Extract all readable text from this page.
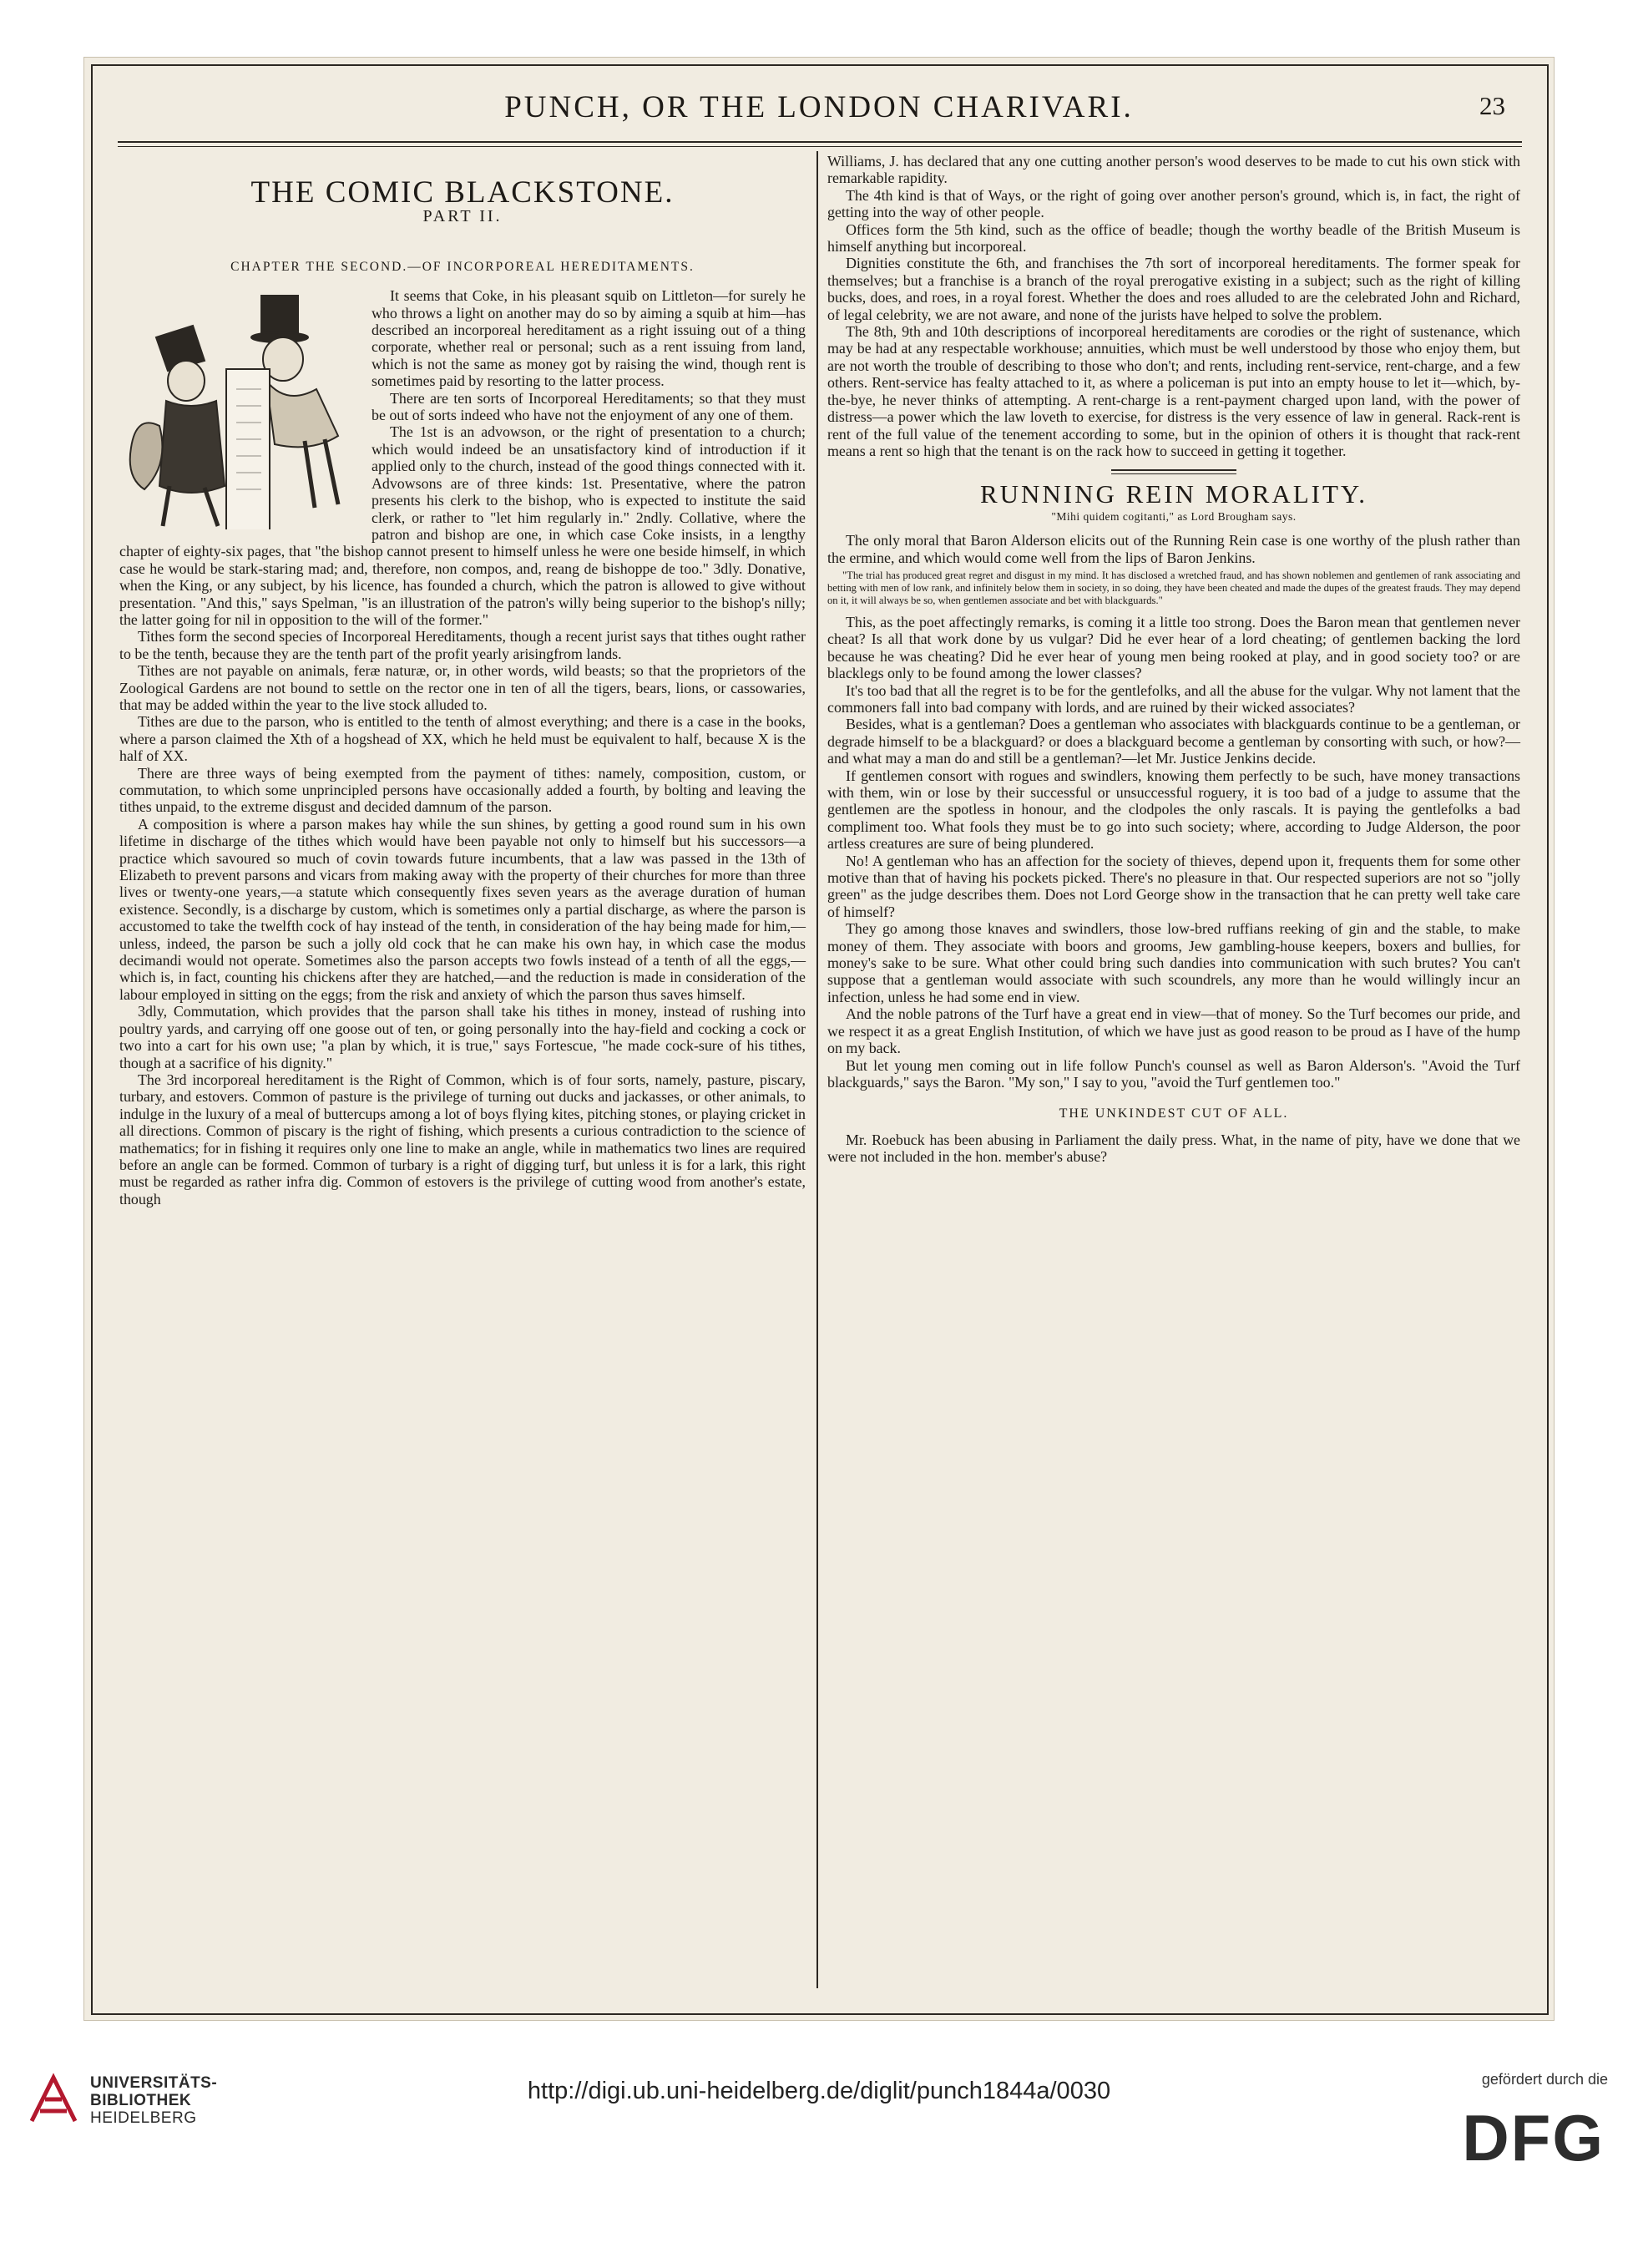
PUNCH, OR THE LONDON CHARIVARI.	23
THE COMIC BLACKSTONE.
PART II.
CHAPTER THE SECOND.—OF INCORPOREAL HEREDITAMENTS.

It seems that Coke, in his pleasant squib on Littleton—for surely he who throws a light on another may do so by aiming a squib at him—has described an incorporeal hereditament as a right issuing out of a thing corporate, whether real or personal; such as a rent issuing from land, which is not the same as money got by raising the wind, though rent is sometimes paid by resorting to the latter process.

There are ten sorts of Incorporeal Hereditaments; so that they must be out of sorts indeed who have not the enjoyment of any one of them.

The 1st is an advowson, or the right of presentation to a church; which would indeed be an unsatisfactory kind of introduction if it applied only to the church, instead of the good things connected with it. Advowsons are of three kinds: 1st. Presentative, where the patron presents his clerk to the bishop, who is expected to institute the said clerk, or rather to "let him regularly in." 2ndly. Collative, where the patron and bishop are one, in which case Coke insists, in a lengthy chapter of eighty-six pages, that "the bishop cannot present to himself unless he were one beside himself, in which case he would be stark-staring mad; and, therefore, non compos, and, reang de bishoppe de too." 3dly. Donative, when the King, or any subject, by his licence, has founded a church, which the patron is allowed to give without presentation. "And this," says Spelman, "is an illustration of the patron's willy being superior to the bishop's nilly; the latter going for nil in opposition to the will of the former."

Tithes form the second species of Incorporeal Hereditaments, though a recent jurist says that tithes ought rather to be the tenth, because they are the tenth part of the profit yearly arisingfrom lands.

Tithes are not payable on animals, feræ naturæ, or, in other words, wild beasts; so that the proprietors of the Zoological Gardens are not bound to settle on the rector one in ten of all the tigers, bears, lions, or cassowaries, that may be added within the year to the live stock alluded to.

Tithes are due to the parson, who is entitled to the tenth of almost everything; and there is a case in the books, where a parson claimed the Xth of a hogshead of XX, which he held must be equivalent to half, because X is the half of XX.

There are three ways of being exempted from the payment of tithes: namely, composition, custom, or commutation, to which some unprincipled persons have occasionally added a fourth, by bolting and leaving the tithes unpaid, to the extreme disgust and decided damnum of the parson.

A composition is where a parson makes hay while the sun shines, by getting a good round sum in his own lifetime in discharge of the tithes which would have been payable not only to himself but his successors—a practice which savoured so much of covin towards future incumbents, that a law was passed in the 13th of Elizabeth to prevent parsons and vicars from making away with the property of their churches for more than three lives or twenty-one years,—a statute which consequently fixes seven years as the average duration of human existence. Secondly, is a discharge by custom, which is sometimes only a partial discharge, as where the parson is accustomed to take the twelfth cock of hay instead of the tenth, in consideration of the hay being made for him,—unless, indeed, the parson be such a jolly old cock that he can make his own hay, in which case the modus decimandi would not operate. Sometimes also the parson accepts two fowls instead of a tenth of all the eggs,—which is, in fact, counting his chickens after they are hatched,—and the reduction is made in consideration of the labour employed in sitting on the eggs; from the risk and anxiety of which the parson thus saves himself.

3dly, Commutation, which provides that the parson shall take his tithes in money, instead of rushing into poultry yards, and carrying off one goose out of ten, or going personally into the hay-field and cocking a cock or two into a cart for his own use; "a plan by which, it is true," says Fortescue, "he made cock-sure of his tithes, though at a sacrifice of his dignity."

The 3rd incorporeal hereditament is the Right of Common, which is of four sorts, namely, pasture, piscary, turbary, and estovers. Common of pasture is the privilege of turning out ducks and jackasses, or other animals, to indulge in the luxury of a meal of buttercups among a lot of boys flying kites, pitching stones, or playing cricket in all directions. Common of piscary is the right of fishing, which presents a curious contradiction to the science of mathematics; for in fishing it requires only one line to make an angle, while in mathematics two lines are required before an angle can be formed. Common of turbary is a right of digging turf, but unless it is for a lark, this right must be regarded as rather infra dig. Common of estovers is the privilege of cutting wood from another's estate, though

Williams, J. has declared that any one cutting another person's wood deserves to be made to cut his own stick with remarkable rapidity.

The 4th kind is that of Ways, or the right of going over another person's ground, which is, in fact, the right of getting into the way of other people.

Offices form the 5th kind, such as the office of beadle; though the worthy beadle of the British Museum is himself anything but incorporeal.

Dignities constitute the 6th, and franchises the 7th sort of incorporeal hereditaments. The former speak for themselves; but a franchise is a branch of the royal prerogative existing in a subject; such as the right of killing bucks, does, and roes, in a royal forest. Whether the does and roes alluded to are the celebrated John and Richard, of legal celebrity, we are not aware, and none of the jurists have helped to solve the problem.

The 8th, 9th and 10th descriptions of incorporeal hereditaments are corodies or the right of sustenance, which may be had at any respectable workhouse; annuities, which must be well understood by those who enjoy them, but are not worth the trouble of describing to those who don't; and rents, including rent-service, rent-charge, and a few others. Rent-service has fealty attached to it, as where a policeman is put into an empty house to let it—which, by-the-bye, he never thinks of attempting. A rent-charge is a rent-payment charged upon land, with the power of distress—a power which the law loveth to exercise, for distress is the very essence of law in general. Rack-rent is rent of the full value of the tenement according to some, but in the opinion of others it is thought that rack-rent means a rent so high that the tenant is on the rack how to succeed in getting it together.

RUNNING REIN MORALITY.
"Mihi quidem cogitanti," as Lord Brougham says.

The only moral that Baron Alderson elicits out of the Running Rein case is one worthy of the plush rather than the ermine, and which would come well from the lips of Baron Jenkins.

"The trial has produced great regret and disgust in my mind. It has disclosed a wretched fraud, and has shown noblemen and gentlemen of rank associating and betting with men of low rank, and infinitely below them in society, in so doing, they have been cheated and made the dupes of the greatest frauds. They may depend on it, it will always be so, when gentlemen associate and bet with blackguards."

This, as the poet affectingly remarks, is coming it a little too strong. Does the Baron mean that gentlemen never cheat? Is all that work done by us vulgar? Did he ever hear of a lord cheating; of gentlemen backing the lord because he was cheating? Did he ever hear of young men being rooked at play, and in good society too? or are blacklegs only to be found among the lower classes?

It's too bad that all the regret is to be for the gentlefolks, and all the abuse for the vulgar. Why not lament that the commoners fall into bad company with lords, and are ruined by their wicked associates?

Besides, what is a gentleman? Does a gentleman who associates with blackguards continue to be a gentleman, or degrade himself to be a blackguard? or does a blackguard become a gentleman by consorting with such, or how?—and what may a man do and still be a gentleman?—let Mr. Justice Jenkins decide.

If gentlemen consort with rogues and swindlers, knowing them perfectly to be such, have money transactions with them, win or lose by their successful or unsuccessful roguery, it is too bad of a judge to assume that the gentlemen are the spotless in honour, and the clodpoles the only rascals. It is paying the gentlefolks a bad compliment too. What fools they must be to go into such society; where, according to Judge Alderson, the poor artless creatures are sure of being plundered.

No! A gentleman who has an affection for the society of thieves, depend upon it, frequents them for some other motive than that of having his pockets picked. There's no pleasure in that. Our respected superiors are not so "jolly green" as the judge describes them. Does not Lord George show in the transaction that he can pretty well take care of himself?

They go among those knaves and swindlers, those low-bred ruffians reeking of gin and the stable, to make money of them. They associate with boors and grooms, Jew gambling-house keepers, boxers and bullies, for money's sake to be sure. What other could bring such dandies into communication with such brutes? You can't suppose that a gentleman would associate with such scoundrels, any more than he would willingly incur an infection, unless he had some end in view.

And the noble patrons of the Turf have a great end in view—that of money. So the Turf becomes our pride, and we respect it as a great English Institution, of which we have just as good reason to be proud as I have of the hump on my back.

But let young men coming out in life follow Punch's counsel as well as Baron Alderson's. "Avoid the Turf blackguards," says the Baron. "My son," I say to you, "avoid the Turf gentlemen too."

THE UNKINDEST CUT OF ALL.

Mr. Roebuck has been abusing in Parliament the daily press. What, in the name of pity, have we done that we were not included in the hon. member's abuse?

UNIVERSITÄTS-
BIBLIOTHEK
HEIDELBERG
http://digi.ub.uni-heidelberg.de/diglit/punch1844a/0030	gefördert durch die
DFG
